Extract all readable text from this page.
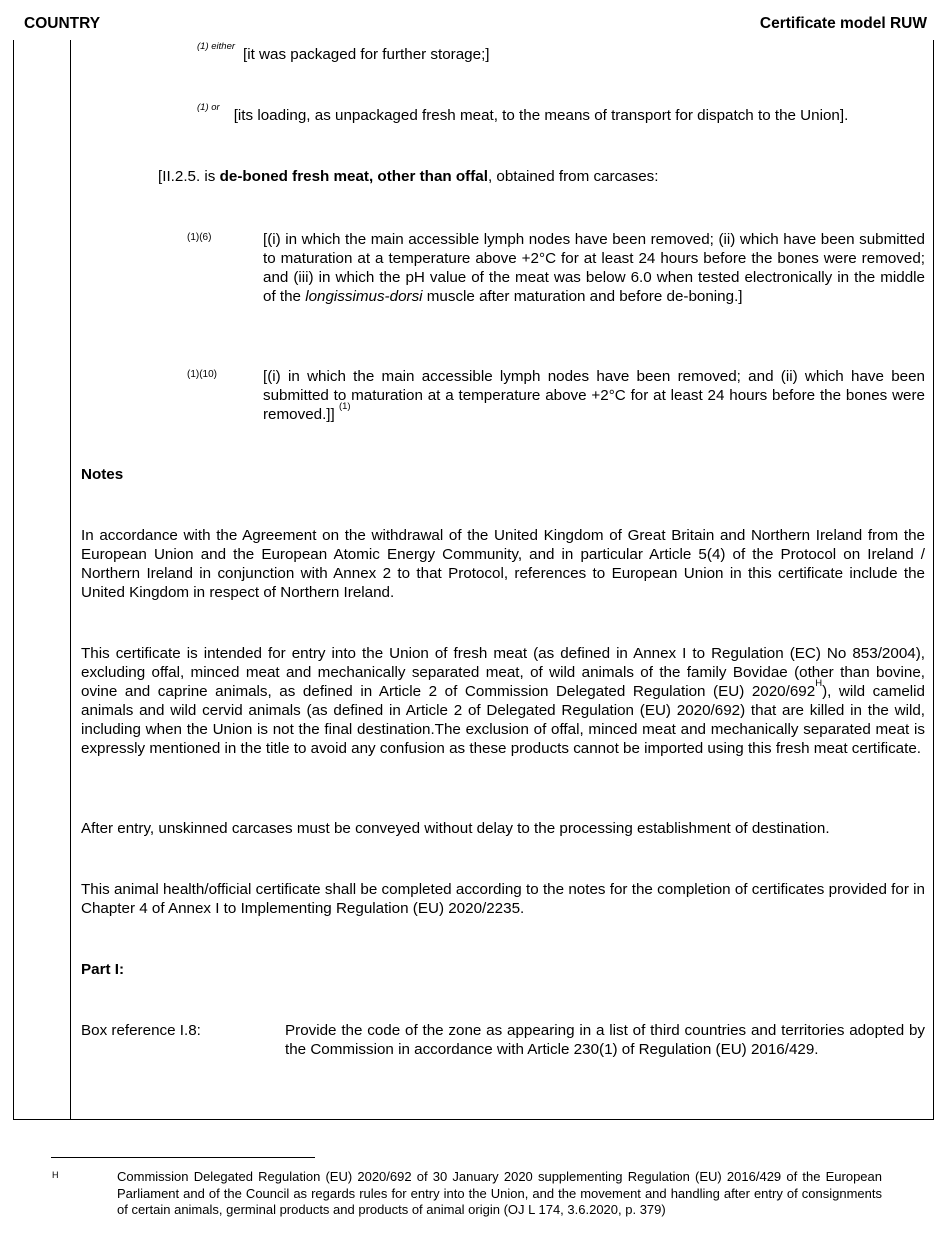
COUNTRY	Certificate model RUW
$^{(1) either}$ [it was packaged for further storage;]
$^{(1) or}$ [its loading, as unpackaged fresh meat, to the means of transport for dispatch to the Union].
[II.2.5. is de-boned fresh meat, other than offal, obtained from carcases:
(1)(6)	[(i) in which the main accessible lymph nodes have been removed; (ii) which have been submitted to maturation at a temperature above +2°C for at least 24 hours before the bones were removed; and (iii) in which the pH value of the meat was below 6.0 when tested electronically in the middle of the longissimus-dorsi muscle after maturation and before de-boning.]
(1)(10)	[(i) in which the main accessible lymph nodes have been removed; and (ii) which have been submitted to maturation at a temperature above +2°C for at least 24 hours before the bones were removed.]] $^{(1)}$
Notes
In accordance with the Agreement on the withdrawal of the United Kingdom of Great Britain and Northern Ireland from the European Union and the European Atomic Energy Community, and in particular Article 5(4) of the Protocol on Ireland / Northern Ireland in conjunction with Annex 2 to that Protocol, references to European Union in this certificate include the United Kingdom in respect of Northern Ireland.
This certificate is intended for entry into the Union of fresh meat (as defined in Annex I to Regulation (EC) No 853/2004), excluding offal, minced meat and mechanically separated meat, of wild animals of the family Bovidae (other than bovine, ovine and caprine animals, as defined in Article 2 of Commission Delegated Regulation (EU) $2020/692^H$), wild camelid animals and wild cervid animals (as defined in Article 2 of Delegated Regulation (EU) 2020/692) that are killed in the wild, including when the Union is not the final destination.The exclusion of offal, minced meat and mechanically separated meat is expressly mentioned in the title to avoid any confusion as these products cannot be imported using this fresh meat certificate.
After entry, unskinned carcases must be conveyed without delay to the processing establishment of destination.
This animal health/official certificate shall be completed according to the notes for the completion of certificates provided for in Chapter 4 of Annex I to Implementing Regulation (EU) 2020/2235.
Part I:
Box reference I.8:	Provide the code of the zone as appearing in a list of third countries and territories adopted by the Commission in accordance with Article 230(1) of Regulation (EU) 2016/429.
H	Commission Delegated Regulation (EU) 2020/692 of 30 January 2020 supplementing Regulation (EU) 2016/429 of the European Parliament and of the Council as regards rules for entry into the Union, and the movement and handling after entry of consignments of certain animals, germinal products and products of animal origin (OJ L 174, 3.6.2020, p. 379)
